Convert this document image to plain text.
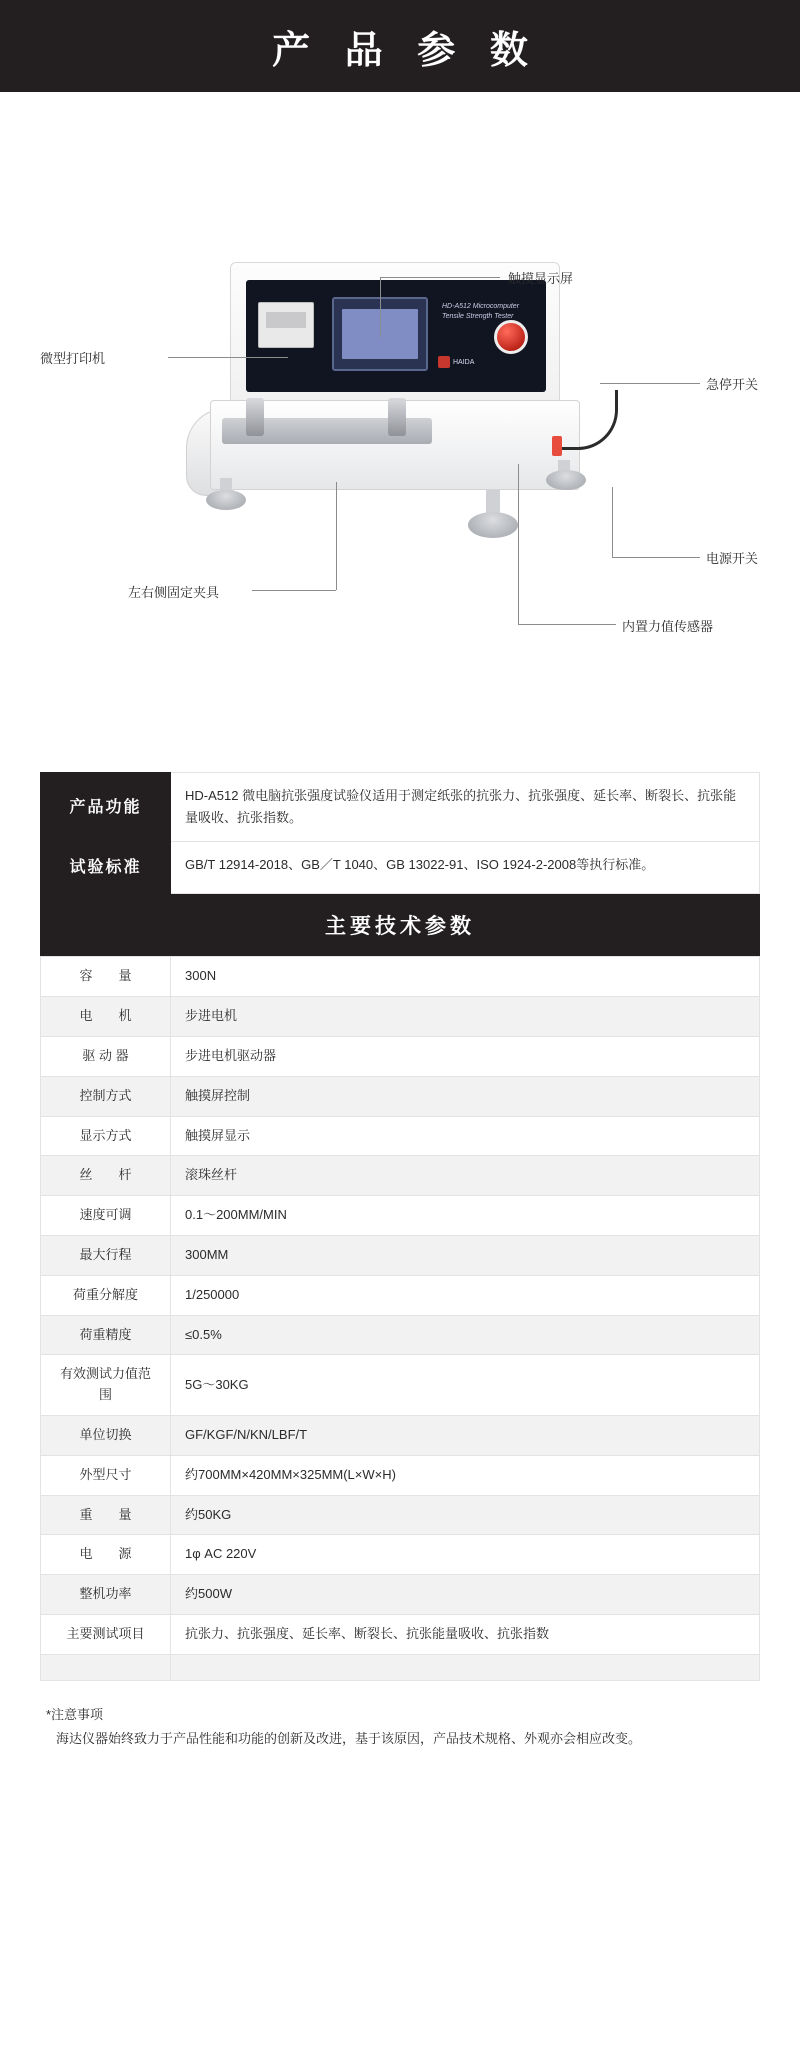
产 品 参 数
HD-A512 Microcomputer
Tensile Strength Tester
HAIDA
触摸显示屏
微型打印机
急停开关
电源开关
内置力值传感器
左右侧固定夹具
产品功能	HD-A512 微电脑抗张强度试验仪适用于测定纸张的抗张力、抗张强度、延长率、断裂长、抗张能量吸收、抗张指数。
试验标准	GB/T 12914-2018、GB／T 1040、GB 13022-91、ISO 1924-2-2008等执行标准。
主要技术参数
容　　量	300N
电　　机	步进电机
驱 动 器	步进电机驱动器
控制方式	触摸屏控制
显示方式	触摸屏显示
丝　　杆	滚珠丝杆
速度可调	0.1～200MM/MIN
最大行程	300MM
荷重分解度	1/250000
荷重精度	≤0.5%
有效测试力值范围	5G～30KG
单位切换	GF/KGF/N/KN/LBF/T
外型尺寸	约700MM×420MM×325MM(L×W×H)
重　　量	约50KG
电　　源	1φ AC 220V
整机功率	约500W
主要测试项目	抗张力、抗张强度、延长率、断裂长、抗张能量吸收、抗张指数

*注意事项
海达仪器始终致力于产品性能和功能的创新及改进，基于该原因，产品技术规格、外观亦会相应改变。
